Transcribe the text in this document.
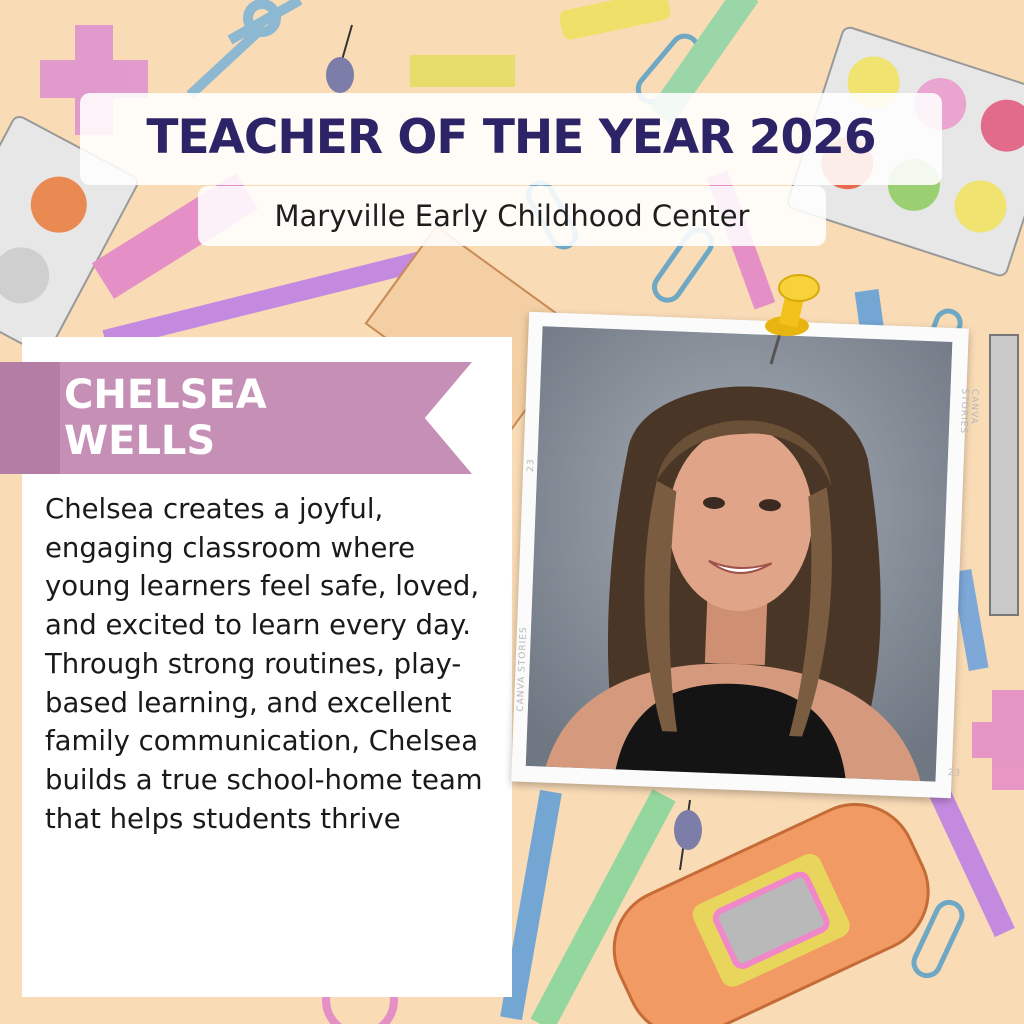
TEACHER OF THE YEAR 2026
Maryville Early Childhood Center
CHELSEA
WELLS

Chelsea creates a joyful, engaging classroom where young learners feel safe, loved, and excited to learn every day. Through strong routines, play-based learning, and excellent family communication, Chelsea builds a true school-home team that helps students thrive

CANVA STORIES
CANVA STORIES
23
23
